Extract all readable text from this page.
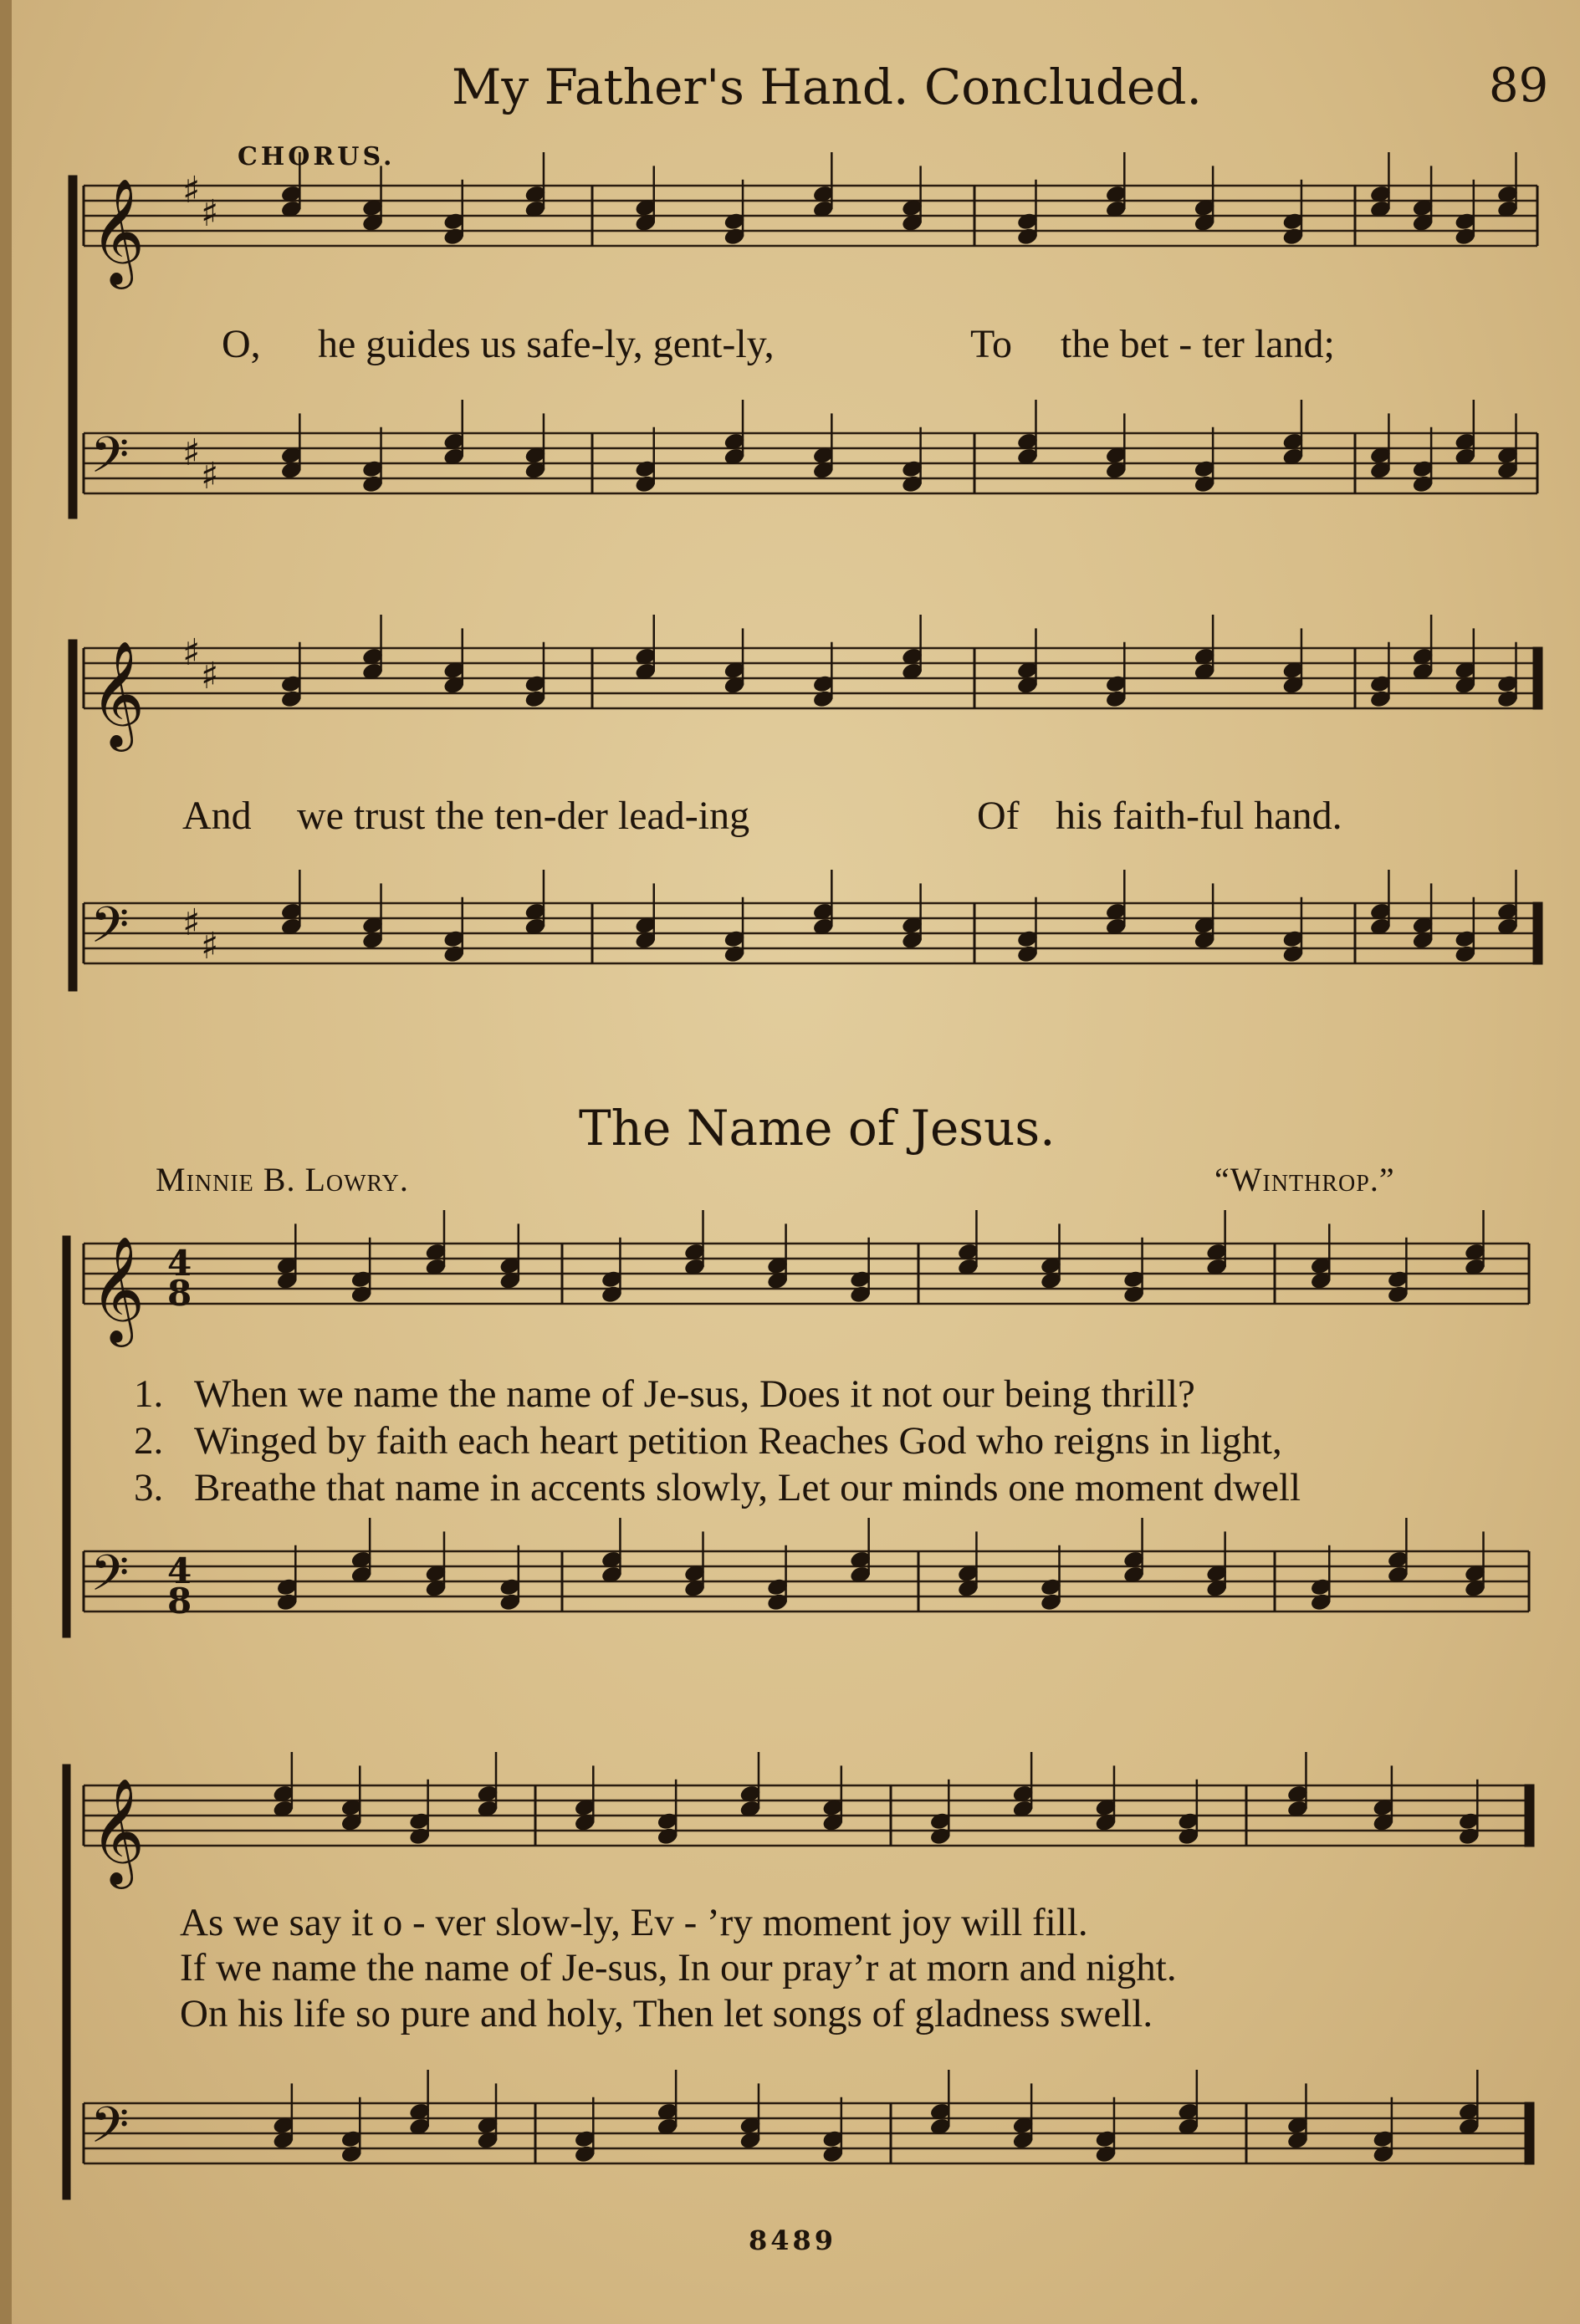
My Father's Hand. Concluded.	89
𝄞 ♯
♯
𝄢 ♯
♯
𝄞 ♯
♯
𝄢 ♯
♯
𝄞
𝄢
𝄞
𝄢
4
8
4
8
CHORUS.
O, he guides us safe-ly, gent-ly,	To the bet - ter land;
And we trust the ten-der lead-ing	Of his faith-ful hand.
The Name of Jesus.
Minnie B. Lowry.	“Winthrop.”
1. When we name the name of Je-sus, Does it not our being thrill?
2. Winged by faith each heart petition Reaches God who reigns in light,
3. Breathe that name in accents slowly, Let our minds one moment dwell
As we say it o - ver slow-ly, Ev - ’ry moment joy will fill.
If we name the name of Je-sus, In our pray’r at morn and night.
On his life so pure and holy, Then let songs of gladness swell.
8489
